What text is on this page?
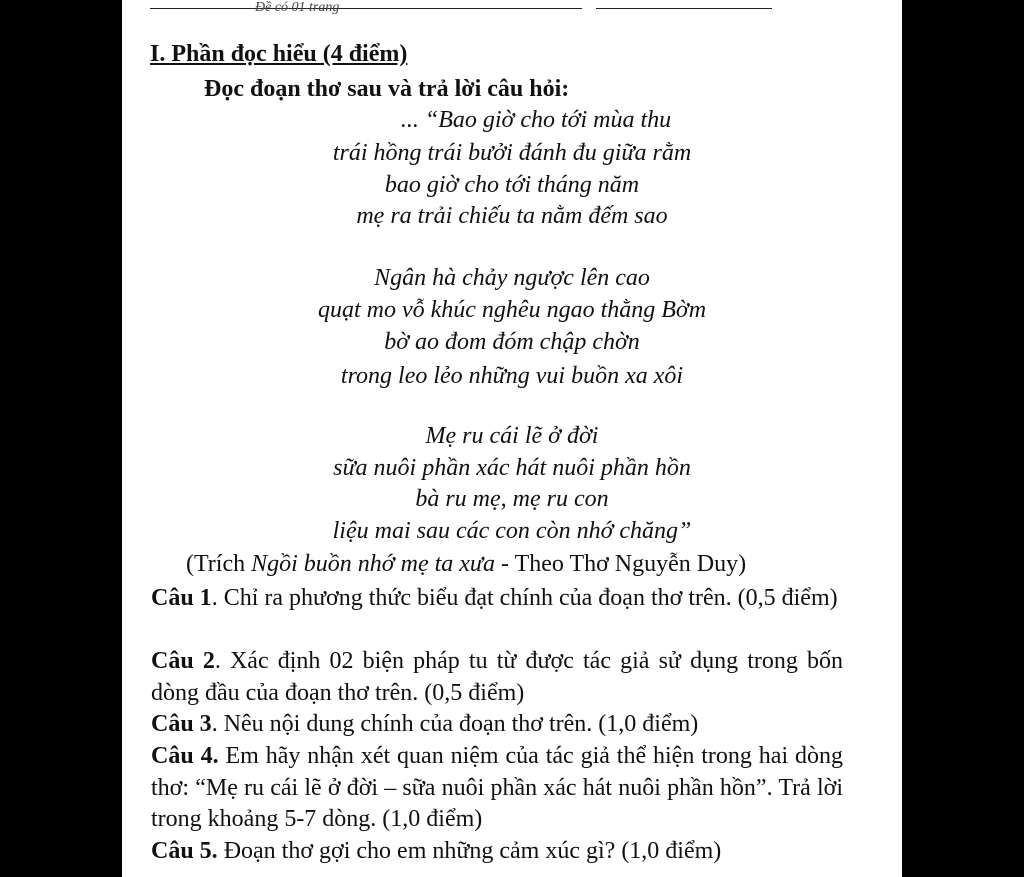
Đề có 01 trang
I. Phần đọc hiểu (4 điểm)
Đọc đoạn thơ sau và trả lời câu hỏi:
... “Bao giờ cho tới mùa thu
trái hồng trái bưởi đánh đu giữa rằm
bao giờ cho tới tháng năm
mẹ ra trải chiếu ta nằm đếm sao
Ngân hà chảy ngược lên cao
quạt mo vỗ khúc nghêu ngao thằng Bờm
bờ ao đom đóm chập chờn
trong leo lẻo những vui buồn xa xôi
Mẹ ru cái lẽ ở đời
sữa nuôi phần xác hát nuôi phần hồn
bà ru mẹ, mẹ ru con
liệu mai sau các con còn nhớ chăng”
(Trích Ngồi buồn nhớ mẹ ta xưa - Theo Thơ Nguyễn Duy)
Câu 1. Chỉ ra phương thức biểu đạt chính của đoạn thơ trên. (0,5 điểm)
Câu 2. Xác định 02 biện pháp tu từ được tác giả sử dụng trong bốn dòng đầu của đoạn thơ trên. (0,5 điểm)
Câu 3. Nêu nội dung chính của đoạn thơ trên. (1,0 điểm)
Câu 4. Em hãy nhận xét quan niệm của tác giả thể hiện trong hai dòng thơ: “Mẹ ru cái lẽ ở đời – sữa nuôi phần xác hát nuôi phần hồn”. Trả lời trong khoảng 5-7 dòng. (1,0 điểm)
Câu 5. Đoạn thơ gợi cho em những cảm xúc gì? (1,0 điểm)
